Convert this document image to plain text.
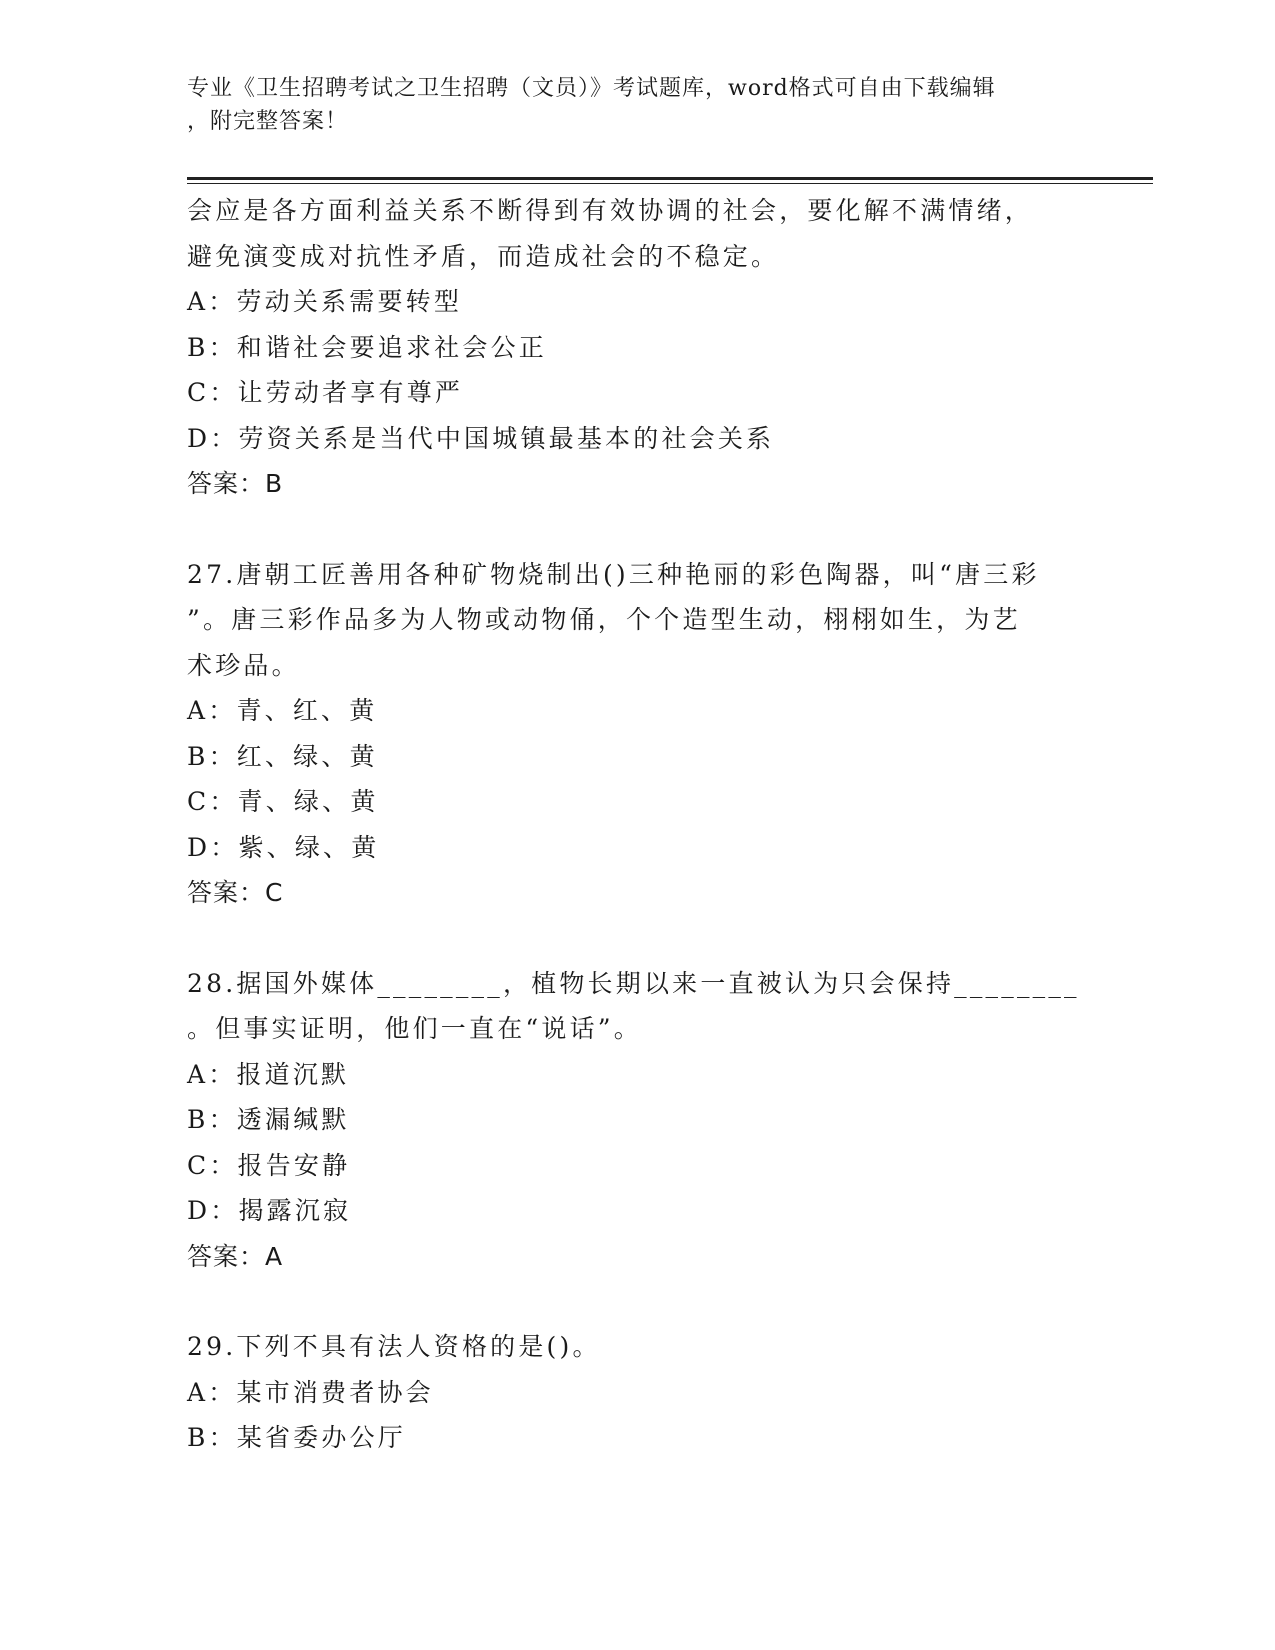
专业《卫生招聘考试之卫生招聘（文员）》考试题库，word格式可自由下载编辑
，附完整答案！

会应是各方面利益关系不断得到有效协调的社会，要化解不满情绪，

避免演变成对抗性矛盾，而造成社会的不稳定。

A：劳动关系需要转型

B：和谐社会要追求社会公正

C：让劳动者享有尊严

D：劳资关系是当代中国城镇最基本的社会关系

答案：B

27.唐朝工匠善用各种矿物烧制出()三种艳丽的彩色陶器，叫“唐三彩

”。唐三彩作品多为人物或动物俑，个个造型生动，栩栩如生，为艺

术珍品。

A：青、红、黄

B：红、绿、黄

C：青、绿、黄

D：紫、绿、黄

答案：C

28.据国外媒体________，植物长期以来一直被认为只会保持________

。但事实证明，他们一直在“说话”。

A：报道沉默

B：透漏缄默

C：报告安静

D：揭露沉寂

答案：A

29.下列不具有法人资格的是()。

A：某市消费者协会

B：某省委办公厅
